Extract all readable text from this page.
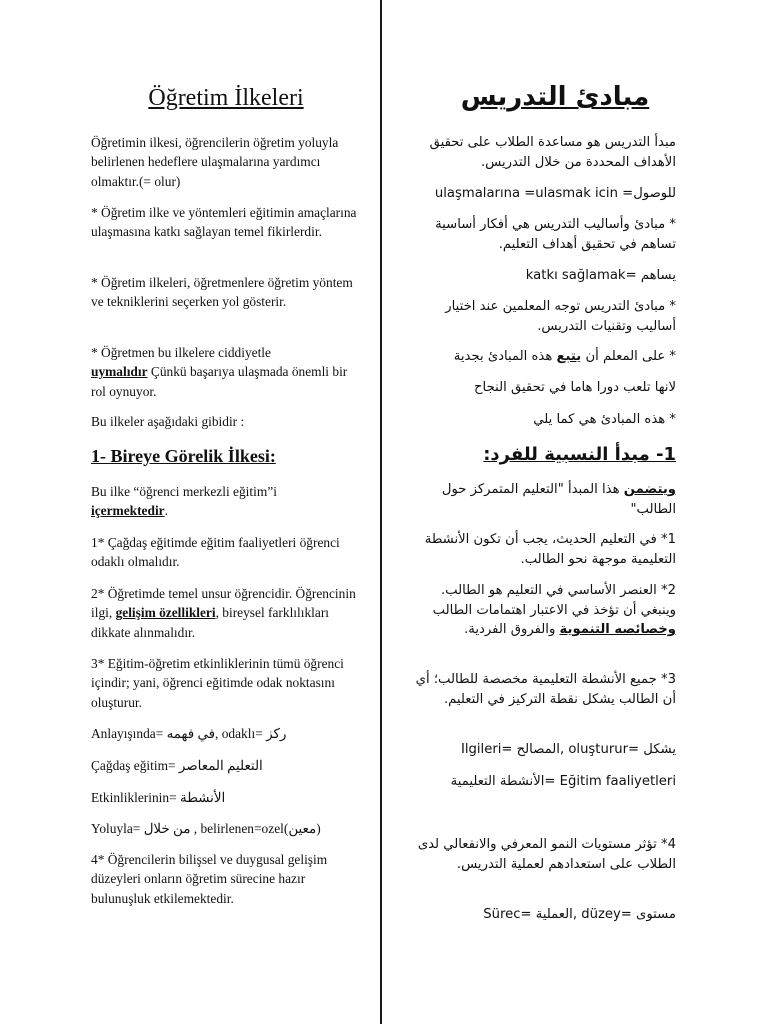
Öğretim İlkeleri

Öğretimin ilkesi, öğrencilerin öğretim yoluyla belirlenen hedeflere ulaşmalarına yardımcı olmaktır.(= olur)

* Öğretim ilke ve yöntemleri eğitimin amaçlarına ulaşmasına katkı sağlayan temel fikirlerdir.

* Öğretim ilkeleri, öğretmenlere öğretim yöntem ve tekniklerini seçerken yol gösterir.

* Öğretmen bu ilkelere ciddiyetle
uymalıdır Çünkü başarıya ulaşmada önemli bir rol oynuyor.

Bu ilkeler aşağıdaki gibidir :

1- Bireye Görelik İlkesi:

Bu ilke “öğrenci merkezli eğitim”i
içermektedir.

1* Çağdaş eğitimde eğitim faaliyetleri öğrenci odaklı olmalıdır.

2* Öğretimde temel unsur öğrencidir. Öğrencinin ilgi, gelişim özellikleri, bireysel farklılıkları dikkate alınmalıdır.

3* Eğitim-öğretim etkinliklerinin tümü öğrenci içindir; yani, öğrenci eğitimde odak noktasını oluşturur.

Anlayışında= في فهمه, odaklı= ركز

Çağdaş eğitim= التعليم المعاصر

Etkinliklerinin= الأنشطة

Yoluyla= من خلال , belirlenen=ozel(معين)

4* Öğrencilerin bilişsel ve duygusal gelişim düzeyleri onların öğretim sürecine hazır bulunuşluk etkilemektedir.

مبادئ التدريس

مبدأ التدريس هو مساعدة الطلاب على تحقيق الأهداف المحددة من خلال التدريس.

ulaşmalarına =ulasmak icin =للوصول

* مبادئ وأساليب التدريس هي أفكار أساسية تساهم في تحقيق أهداف التعليم.

katkı sağlamak= يساهم

* مبادئ التدريس توجه المعلمين عند اختيار أساليب وتقنيات التدريس.

* على المعلم أن يتبع هذه المبادئ بجدية

لانها تلعب دورا هاما في تحقيق النجاح

* هذه المبادئ هي كما يلي

1- مبدأ النسبية للفرد:

ويتضمن هذا المبدأ "التعليم المتمركز حول الطالب"

1* في التعليم الحديث، يجب أن تكون الأنشطة التعليمية موجهة نحو الطالب.

2* العنصر الأساسي في التعليم هو الطالب. وينبغي أن تؤخذ في الاعتبار اهتمامات الطالب وخصائصه التنموية والفروق الفردية.

3* جميع الأنشطة التعليمية مخصصة للطالب؛ أي أن الطالب يشكل نقطة التركيز في التعليم.

Ilgileri= المصالح, oluşturur= يشكل

الأنشطة التعليمية= Eğitim faaliyetleri

4* تؤثر مستويات النمو المعرفي والانفعالي لدى الطلاب على استعدادهم لعملية التدريس.

Sürec= العملية, düzey= مستوى
